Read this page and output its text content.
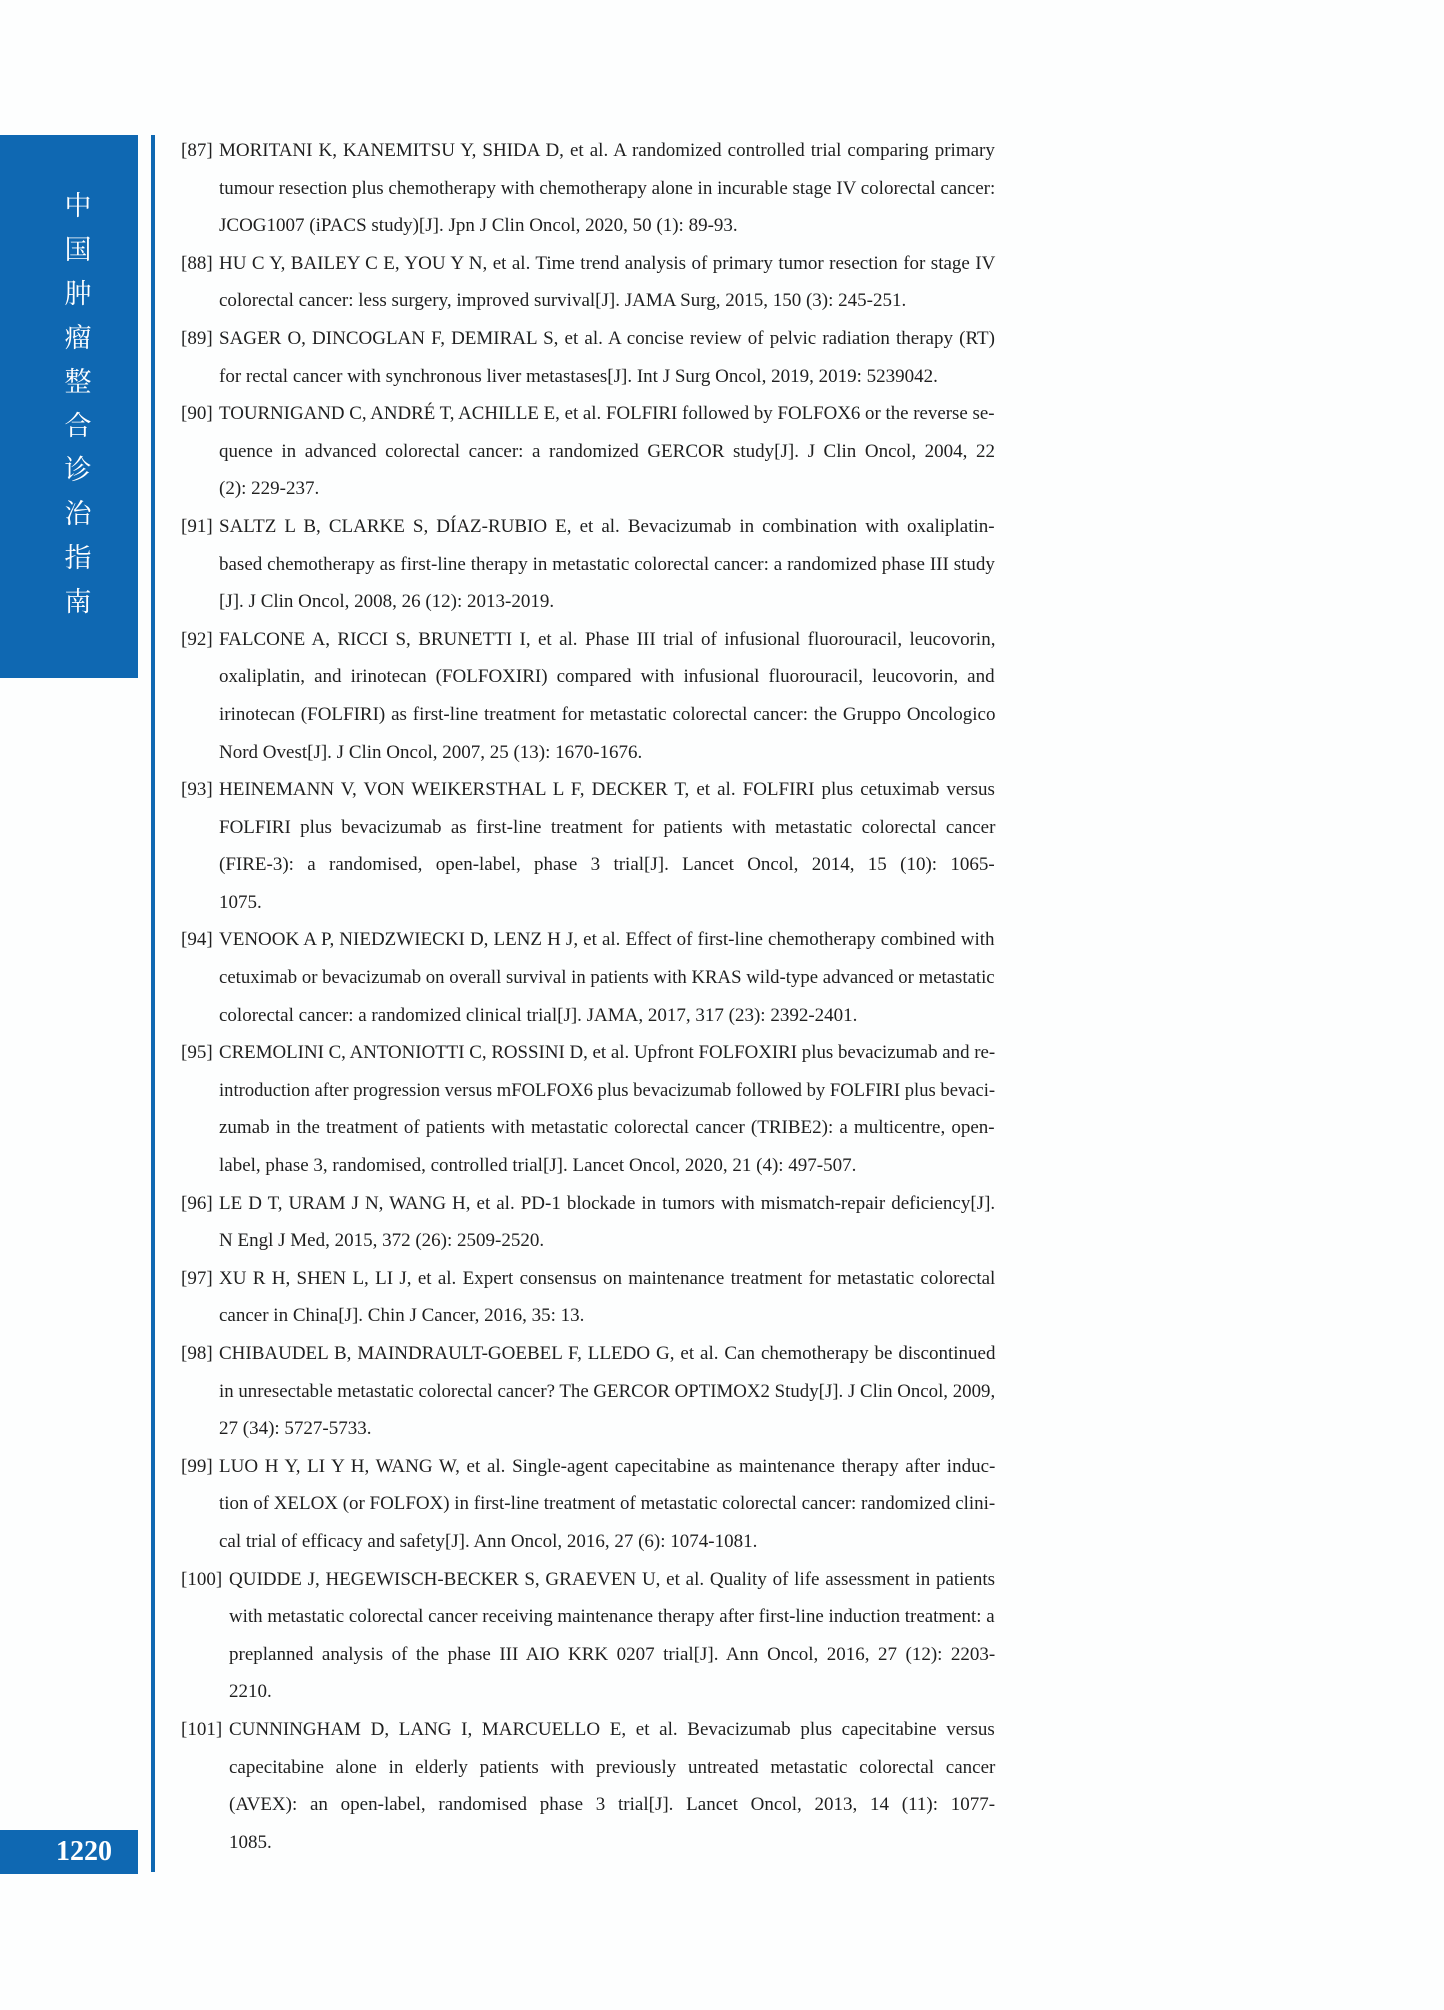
中
国
肿
瘤
整
合
诊
治
指
南
1220
[87] MORITANI K, KANEMITSU Y, SHIDA D, et al. A randomized controlled trial comparing primary
tumour resection plus chemotherapy with chemotherapy alone in incurable stage IV colorectal cancer:
JCOG1007 (iPACS study)[J]. Jpn J Clin Oncol, 2020, 50 (1): 89-93.
[88] HU C Y, BAILEY C E, YOU Y N, et al. Time trend analysis of primary tumor resection for stage IV
colorectal cancer: less surgery, improved survival[J]. JAMA Surg, 2015, 150 (3): 245-251.
[89] SAGER O, DINCOGLAN F, DEMIRAL S, et al. A concise review of pelvic radiation therapy (RT)
for rectal cancer with synchronous liver metastases[J]. Int J Surg Oncol, 2019, 2019: 5239042.
[90] TOURNIGAND C, ANDRÉ T, ACHILLE E, et al. FOLFIRI followed by FOLFOX6 or the reverse se-
quence in advanced colorectal cancer: a randomized GERCOR study[J]. J Clin Oncol, 2004, 22
(2): 229-237.
[91] SALTZ L B, CLARKE S, DÍAZ-RUBIO E, et al. Bevacizumab in combination with oxaliplatin-
based chemotherapy as first-line therapy in metastatic colorectal cancer: a randomized phase III study
[J]. J Clin Oncol, 2008, 26 (12): 2013-2019.
[92] FALCONE A, RICCI S, BRUNETTI I, et al. Phase III trial of infusional fluorouracil, leucovorin,
oxaliplatin, and irinotecan (FOLFOXIRI) compared with infusional fluorouracil, leucovorin, and
irinotecan (FOLFIRI) as first-line treatment for metastatic colorectal cancer: the Gruppo Oncologico
Nord Ovest[J]. J Clin Oncol, 2007, 25 (13): 1670-1676.
[93] HEINEMANN V, VON WEIKERSTHAL L F, DECKER T, et al. FOLFIRI plus cetuximab versus
FOLFIRI plus bevacizumab as first-line treatment for patients with metastatic colorectal cancer
(FIRE-3): a randomised, open-label, phase 3 trial[J]. Lancet Oncol, 2014, 15 (10): 1065-
1075.
[94] VENOOK A P, NIEDZWIECKI D, LENZ H J, et al. Effect of first-line chemotherapy combined with
cetuximab or bevacizumab on overall survival in patients with KRAS wild-type advanced or metastatic
colorectal cancer: a randomized clinical trial[J]. JAMA, 2017, 317 (23): 2392-2401.
[95] CREMOLINI C, ANTONIOTTI C, ROSSINI D, et al. Upfront FOLFOXIRI plus bevacizumab and re-
introduction after progression versus mFOLFOX6 plus bevacizumab followed by FOLFIRI plus bevaci-
zumab in the treatment of patients with metastatic colorectal cancer (TRIBE2): a multicentre, open-
label, phase 3, randomised, controlled trial[J]. Lancet Oncol, 2020, 21 (4): 497-507.
[96] LE D T, URAM J N, WANG H, et al. PD-1 blockade in tumors with mismatch-repair deficiency[J].
N Engl J Med, 2015, 372 (26): 2509-2520.
[97] XU R H, SHEN L, LI J, et al. Expert consensus on maintenance treatment for metastatic colorectal
cancer in China[J]. Chin J Cancer, 2016, 35: 13.
[98] CHIBAUDEL B, MAINDRAULT-GOEBEL F, LLEDO G, et al. Can chemotherapy be discontinued
in unresectable metastatic colorectal cancer? The GERCOR OPTIMOX2 Study[J]. J Clin Oncol, 2009,
27 (34): 5727-5733.
[99] LUO H Y, LI Y H, WANG W, et al. Single-agent capecitabine as maintenance therapy after induc-
tion of XELOX (or FOLFOX) in first-line treatment of metastatic colorectal cancer: randomized clini-
cal trial of efficacy and safety[J]. Ann Oncol, 2016, 27 (6): 1074-1081.
[100] QUIDDE J, HEGEWISCH-BECKER S, GRAEVEN U, et al. Quality of life assessment in patients
with metastatic colorectal cancer receiving maintenance therapy after first-line induction treatment: a
preplanned analysis of the phase III AIO KRK 0207 trial[J]. Ann Oncol, 2016, 27 (12): 2203-
2210.
[101] CUNNINGHAM D, LANG I, MARCUELLO E, et al. Bevacizumab plus capecitabine versus
capecitabine alone in elderly patients with previously untreated metastatic colorectal cancer
(AVEX): an open-label, randomised phase 3 trial[J]. Lancet Oncol, 2013, 14 (11): 1077-
1085.
